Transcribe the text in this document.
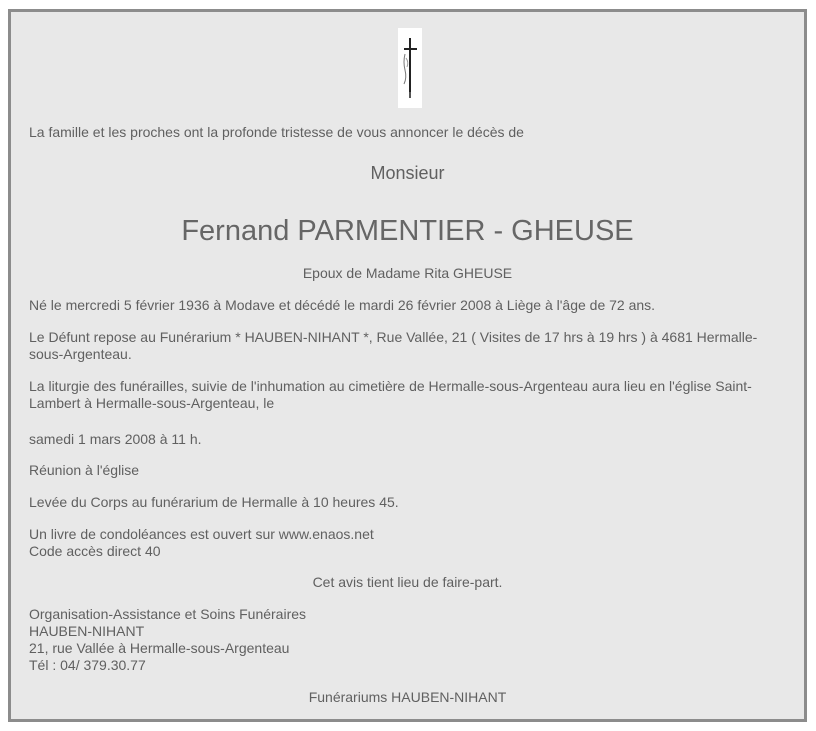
La famille et les proches ont la profonde tristesse de vous annoncer le décès de

Monsieur

Fernand PARMENTIER - GHEUSE

Epoux de Madame Rita GHEUSE

Né le mercredi 5 février 1936 à Modave et décédé le mardi 26 février 2008 à Liège à l'âge de 72 ans.

Le Défunt repose au Funérarium * HAUBEN-NIHANT *, Rue Vallée, 21 ( Visites de 17 hrs à 19 hrs ) à 4681 Hermalle-sous-Argenteau.

La liturgie des funérailles, suivie de l'inhumation au cimetière de Hermalle-sous-Argenteau aura lieu en l'église Saint-Lambert à Hermalle-sous-Argenteau, le

samedi 1 mars 2008 à 11 h.

Réunion à l'église

Levée du Corps au funérarium de Hermalle à 10 heures 45.

Un livre de condoléances est ouvert sur www.enaos.net
Code accès direct 40

Cet avis tient lieu de faire-part.

Organisation-Assistance et Soins Funéraires
HAUBEN-NIHANT
21, rue Vallée à Hermalle-sous-Argenteau
Tél : 04/ 379.30.77

Funérariums HAUBEN-NIHANT
